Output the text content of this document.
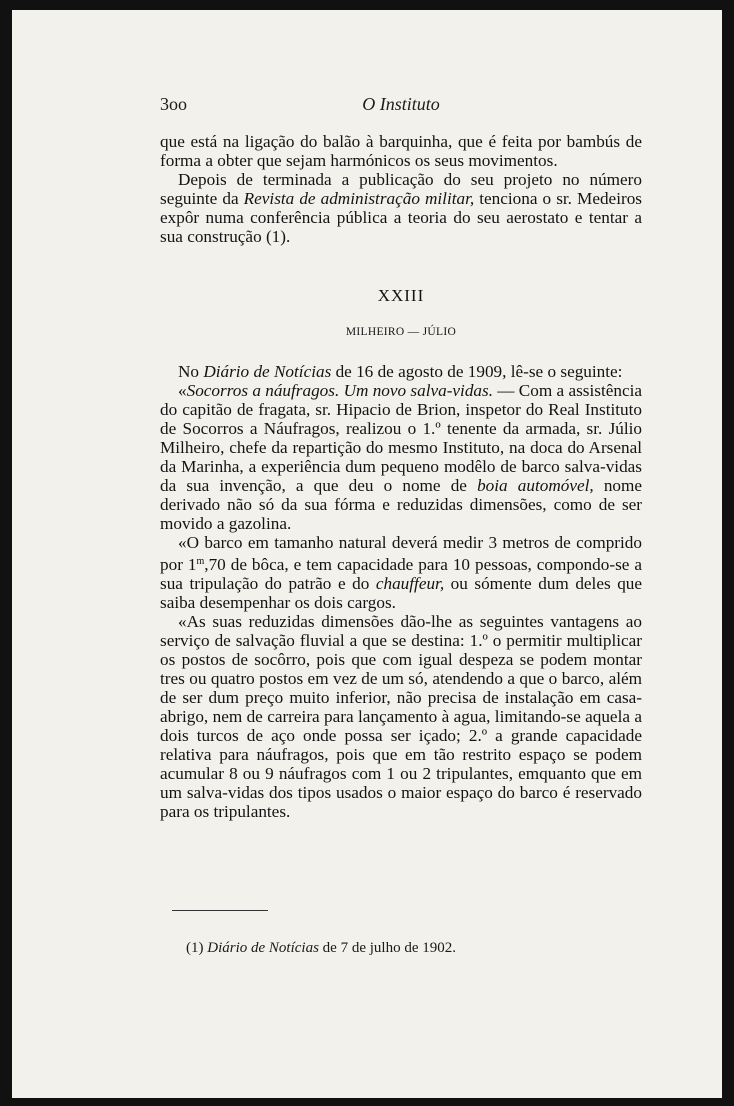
3oo	O Instituto

que está na ligação do balão à barquinha, que é feita por bambús de forma a obter que sejam harmónicos os seus movimentos.

Depois de terminada a publicação do seu projeto no número seguinte da Revista de administração militar, tenciona o sr. Medeiros expôr numa conferência pública a teoria do seu aerostato e tentar a sua construção (1).

XXIII
MILHEIRO — JÚLIO

No Diário de Notícias de 16 de agosto de 1909, lê-se o seguinte:

«Socorros a náufragos. Um novo salva-vidas. — Com a assistência do capitão de fragata, sr. Hipacio de Brion, inspetor do Real Instituto de Socorros a Náufragos, realizou o 1.º tenente da armada, sr. Júlio Milheiro, chefe da repartição do mesmo Instituto, na doca do Arsenal da Marinha, a experiência dum pequeno modêlo de barco salva-vidas da sua invenção, a que deu o nome de boia automóvel, nome derivado não só da sua fórma e reduzidas dimensões, como de ser movido a gazolina.

«O barco em tamanho natural deverá medir 3 metros de comprido por 1$^m$,70 de bôca, e tem capacidade para 10 pessoas, compondo-se a sua tripulação do patrão e do chauffeur, ou sómente dum deles que saiba desempenhar os dois cargos.

«As suas reduzidas dimensões dão-lhe as seguintes vantagens ao serviço de salvação fluvial a que se destina: 1.º o permitir multiplicar os postos de socôrro, pois que com igual despeza se podem montar tres ou quatro postos em vez de um só, atendendo a que o barco, além de ser dum preço muito inferior, não precisa de instalação em casa-abrigo, nem de carreira para lançamento à agua, limitando-se aquela a dois turcos de aço onde possa ser içado; 2.º a grande capacidade relativa para náufragos, pois que em tão restrito espaço se podem acumular 8 ou 9 náufragos com 1 ou 2 tripulantes, emquanto que em um salva-vidas dos tipos usados o maior espaço do barco é reservado para os tripulantes.

(1) Diário de Notícias de 7 de julho de 1902.
